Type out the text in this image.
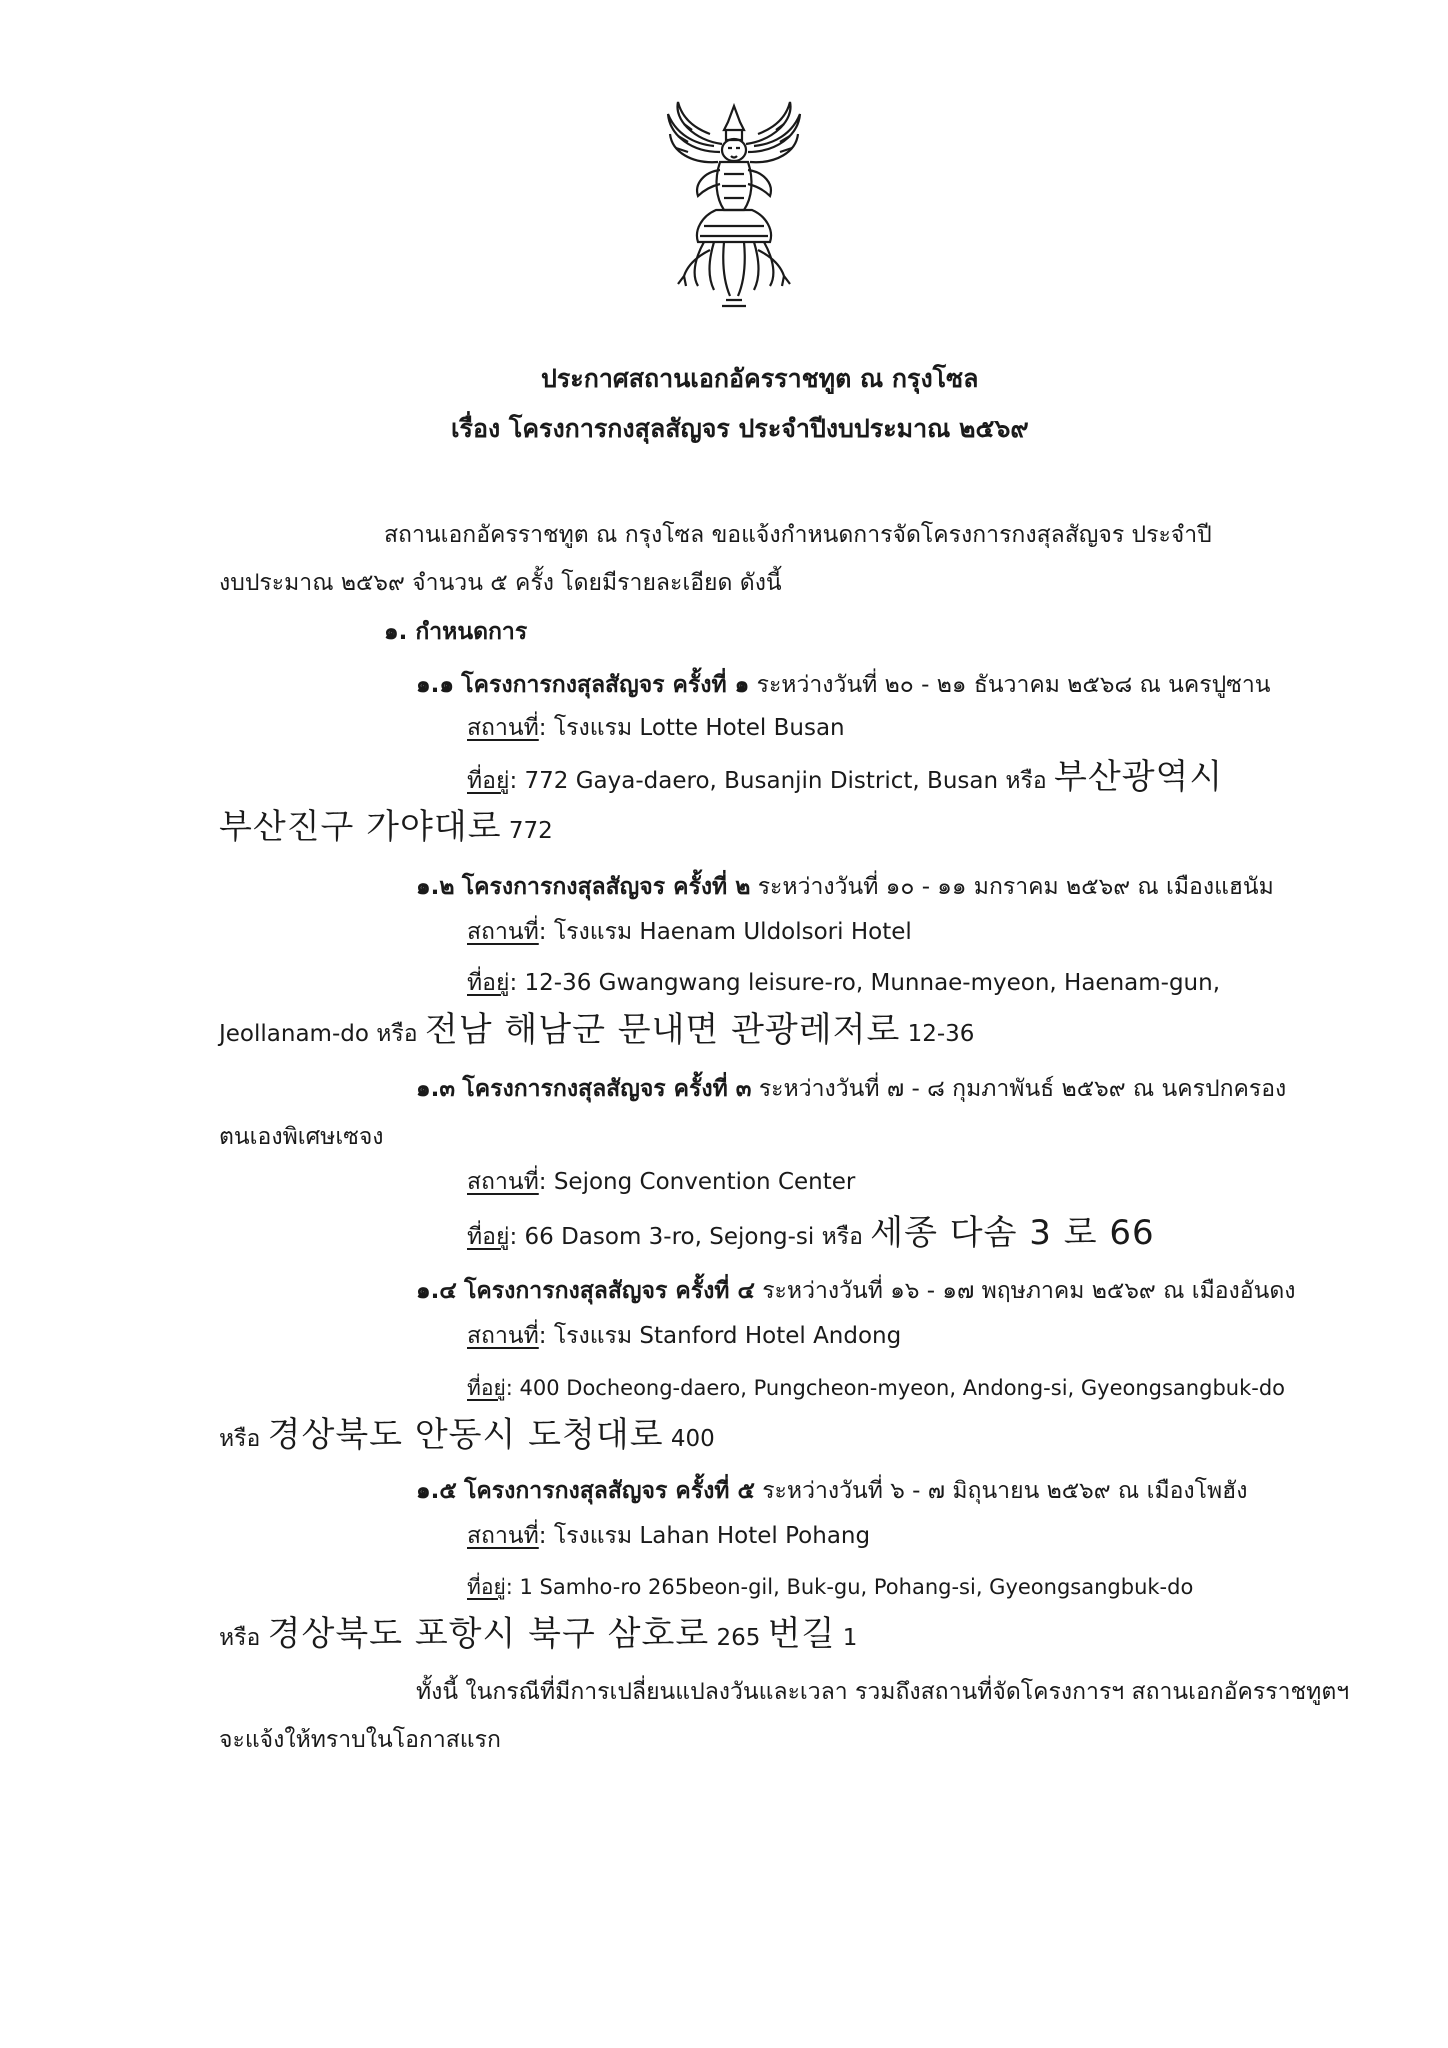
ประกาศสถานเอกอัครราชทูต ณ กรุงโซล
เรื่อง โครงการกงสุลสัญจร ประจำปีงบประมาณ ๒๕๖๙
สถานเอกอัครราชทูต ณ กรุงโซล ขอแจ้งกำหนดการจัดโครงการกงสุลสัญจร ประจำปี
งบประมาณ ๒๕๖๙ จำนวน ๕ ครั้ง โดยมีรายละเอียด ดังนี้
๑. กำหนดการ
๑.๑ โครงการกงสุลสัญจร ครั้งที่ ๑ ระหว่างวันที่ ๒๐ - ๒๑ ธันวาคม ๒๕๖๘ ณ นครปูซาน
สถานที่: โรงแรม Lotte Hotel Busan
ที่อยู่: 772 Gaya-daero, Busanjin District, Busan หรือ 부산광역시
부산진구 가야대로 772
๑.๒ โครงการกงสุลสัญจร ครั้งที่ ๒ ระหว่างวันที่ ๑๐ - ๑๑ มกราคม ๒๕๖๙ ณ เมืองแฮนัม
สถานที่: โรงแรม Haenam Uldolsori Hotel
ที่อยู่: 12-36 Gwangwang leisure-ro, Munnae-myeon, Haenam-gun,
Jeollanam-do หรือ 전남 해남군 문내면 관광레저로 12-36
๑.๓ โครงการกงสุลสัญจร ครั้งที่ ๓ ระหว่างวันที่ ๗ - ๘ กุมภาพันธ์ ๒๕๖๙ ณ นครปกครอง
ตนเองพิเศษเซจง
สถานที่: Sejong Convention Center
ที่อยู่: 66 Dasom 3-ro, Sejong-si หรือ 세종 다솜 3 로 66
๑.๔ โครงการกงสุลสัญจร ครั้งที่ ๔ ระหว่างวันที่ ๑๖ - ๑๗ พฤษภาคม ๒๕๖๙ ณ เมืองอันดง
สถานที่: โรงแรม Stanford Hotel Andong
ที่อยู่: 400 Docheong-daero, Pungcheon-myeon, Andong-si, Gyeongsangbuk-do
หรือ 경상북도 안동시 도청대로 400
๑.๕ โครงการกงสุลสัญจร ครั้งที่ ๕ ระหว่างวันที่ ๖ - ๗ มิถุนายน ๒๕๖๙ ณ เมืองโพฮัง
สถานที่: โรงแรม Lahan Hotel Pohang
ที่อยู่: 1 Samho-ro 265beon-gil, Buk-gu, Pohang-si, Gyeongsangbuk-do
หรือ 경상북도 포항시 북구 삼호로 265 번길 1
ทั้งนี้ ในกรณีที่มีการเปลี่ยนแปลงวันและเวลา รวมถึงสถานที่จัดโครงการฯ สถานเอกอัครราชทูตฯ
จะแจ้งให้ทราบในโอกาสแรก
